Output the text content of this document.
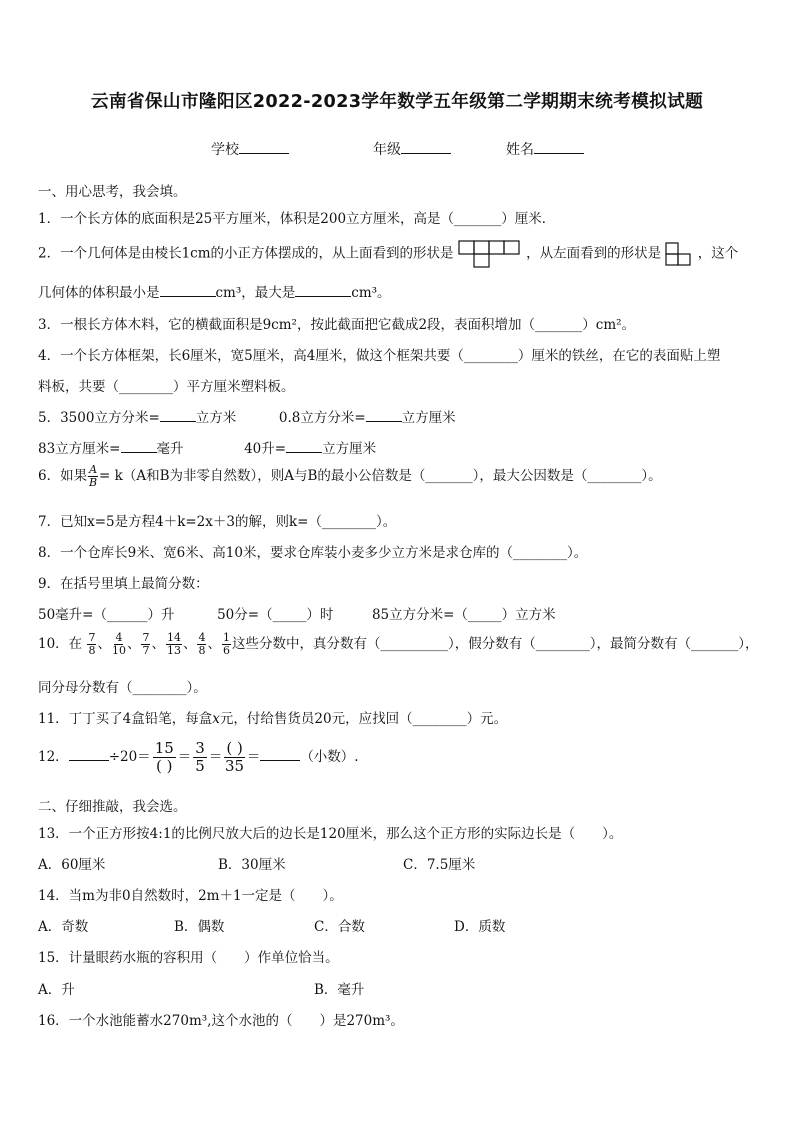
云南省保山市隆阳区2022-2023学年数学五年级第二学期期末统考模拟试题
学校	年级	姓名
一、用心思考，我会填。
1．一个长方体的底面积是25平方厘米，体积是200立方厘米，高是（_______）厘米．
2．一个几何体是由棱长1cm的小正方体摆成的，从上面看到的形状是	，从左面看到的形状是	，这个
几何体的体积最小是	cm³，最大是	cm³。
3．一根长方体木料，它的横截面积是9cm²，按此截面把它截成2段，表面积增加（_______）cm²。
4．一个长方体框架，长6厘米，宽5厘米，高4厘米，做这个框架共要（________）厘米的铁丝，在它的表面贴上塑
料板，共要（________）平方厘米塑料板。
5．3500立方分米=	立方米	0.8立方分米=	立方厘米
83立方厘米=	毫升	40升=	立方厘米
6．如果 $\frac{A}{B} = k(A$和B为非零自然数），则A与B的最小公倍数是（_______），最大公因数是（________）。
7．已知x=5是方程4＋k=2x＋3的解，则k=（________）。
8．一个仓库长9米、宽6米、高10米，要求仓库装小麦多少立方米是求仓库的（________）。
9．在括号里填上最简分数：
50毫升=（______）升	50分=（_____）时	85立方分米=（_____）立方米
10．在 $\frac{7}{8}$ 、 $\frac{4}{10}$ 、 $\frac{7}{7}$ 、 $\frac{14}{13}$ 、 $\frac{4}{8}$ 、 $\frac{1}{6}$ 这些分数中，真分数有（__________），假分数有（________），最简分数有（_______），
同分母分数有（________）。
11．丁丁买了4盒铅笔，每盒x元，付给售货员20元，应找回（________）元。
12．	÷20＝ 15
( ) ＝ $\frac{3}{5}$ ＝ ( )
35 ＝	（小数）.
二、仔细推敲，我会选。
13．一个正方形按4:1的比例尺放大后的边长是120厘米，那么这个正方形的实际边长是（　　）。
A．60厘米	B．30厘米	C．7.5厘米
14．当m为非0自然数时，2m＋1一定是（　　）。
A．奇数	B．偶数	C．合数	D．质数
15．计量眼药水瓶的容积用（　　）作单位恰当。
A．升	B．毫升
16．一个水池能蓄水270m³,这个水池的（　　）是270m³。
